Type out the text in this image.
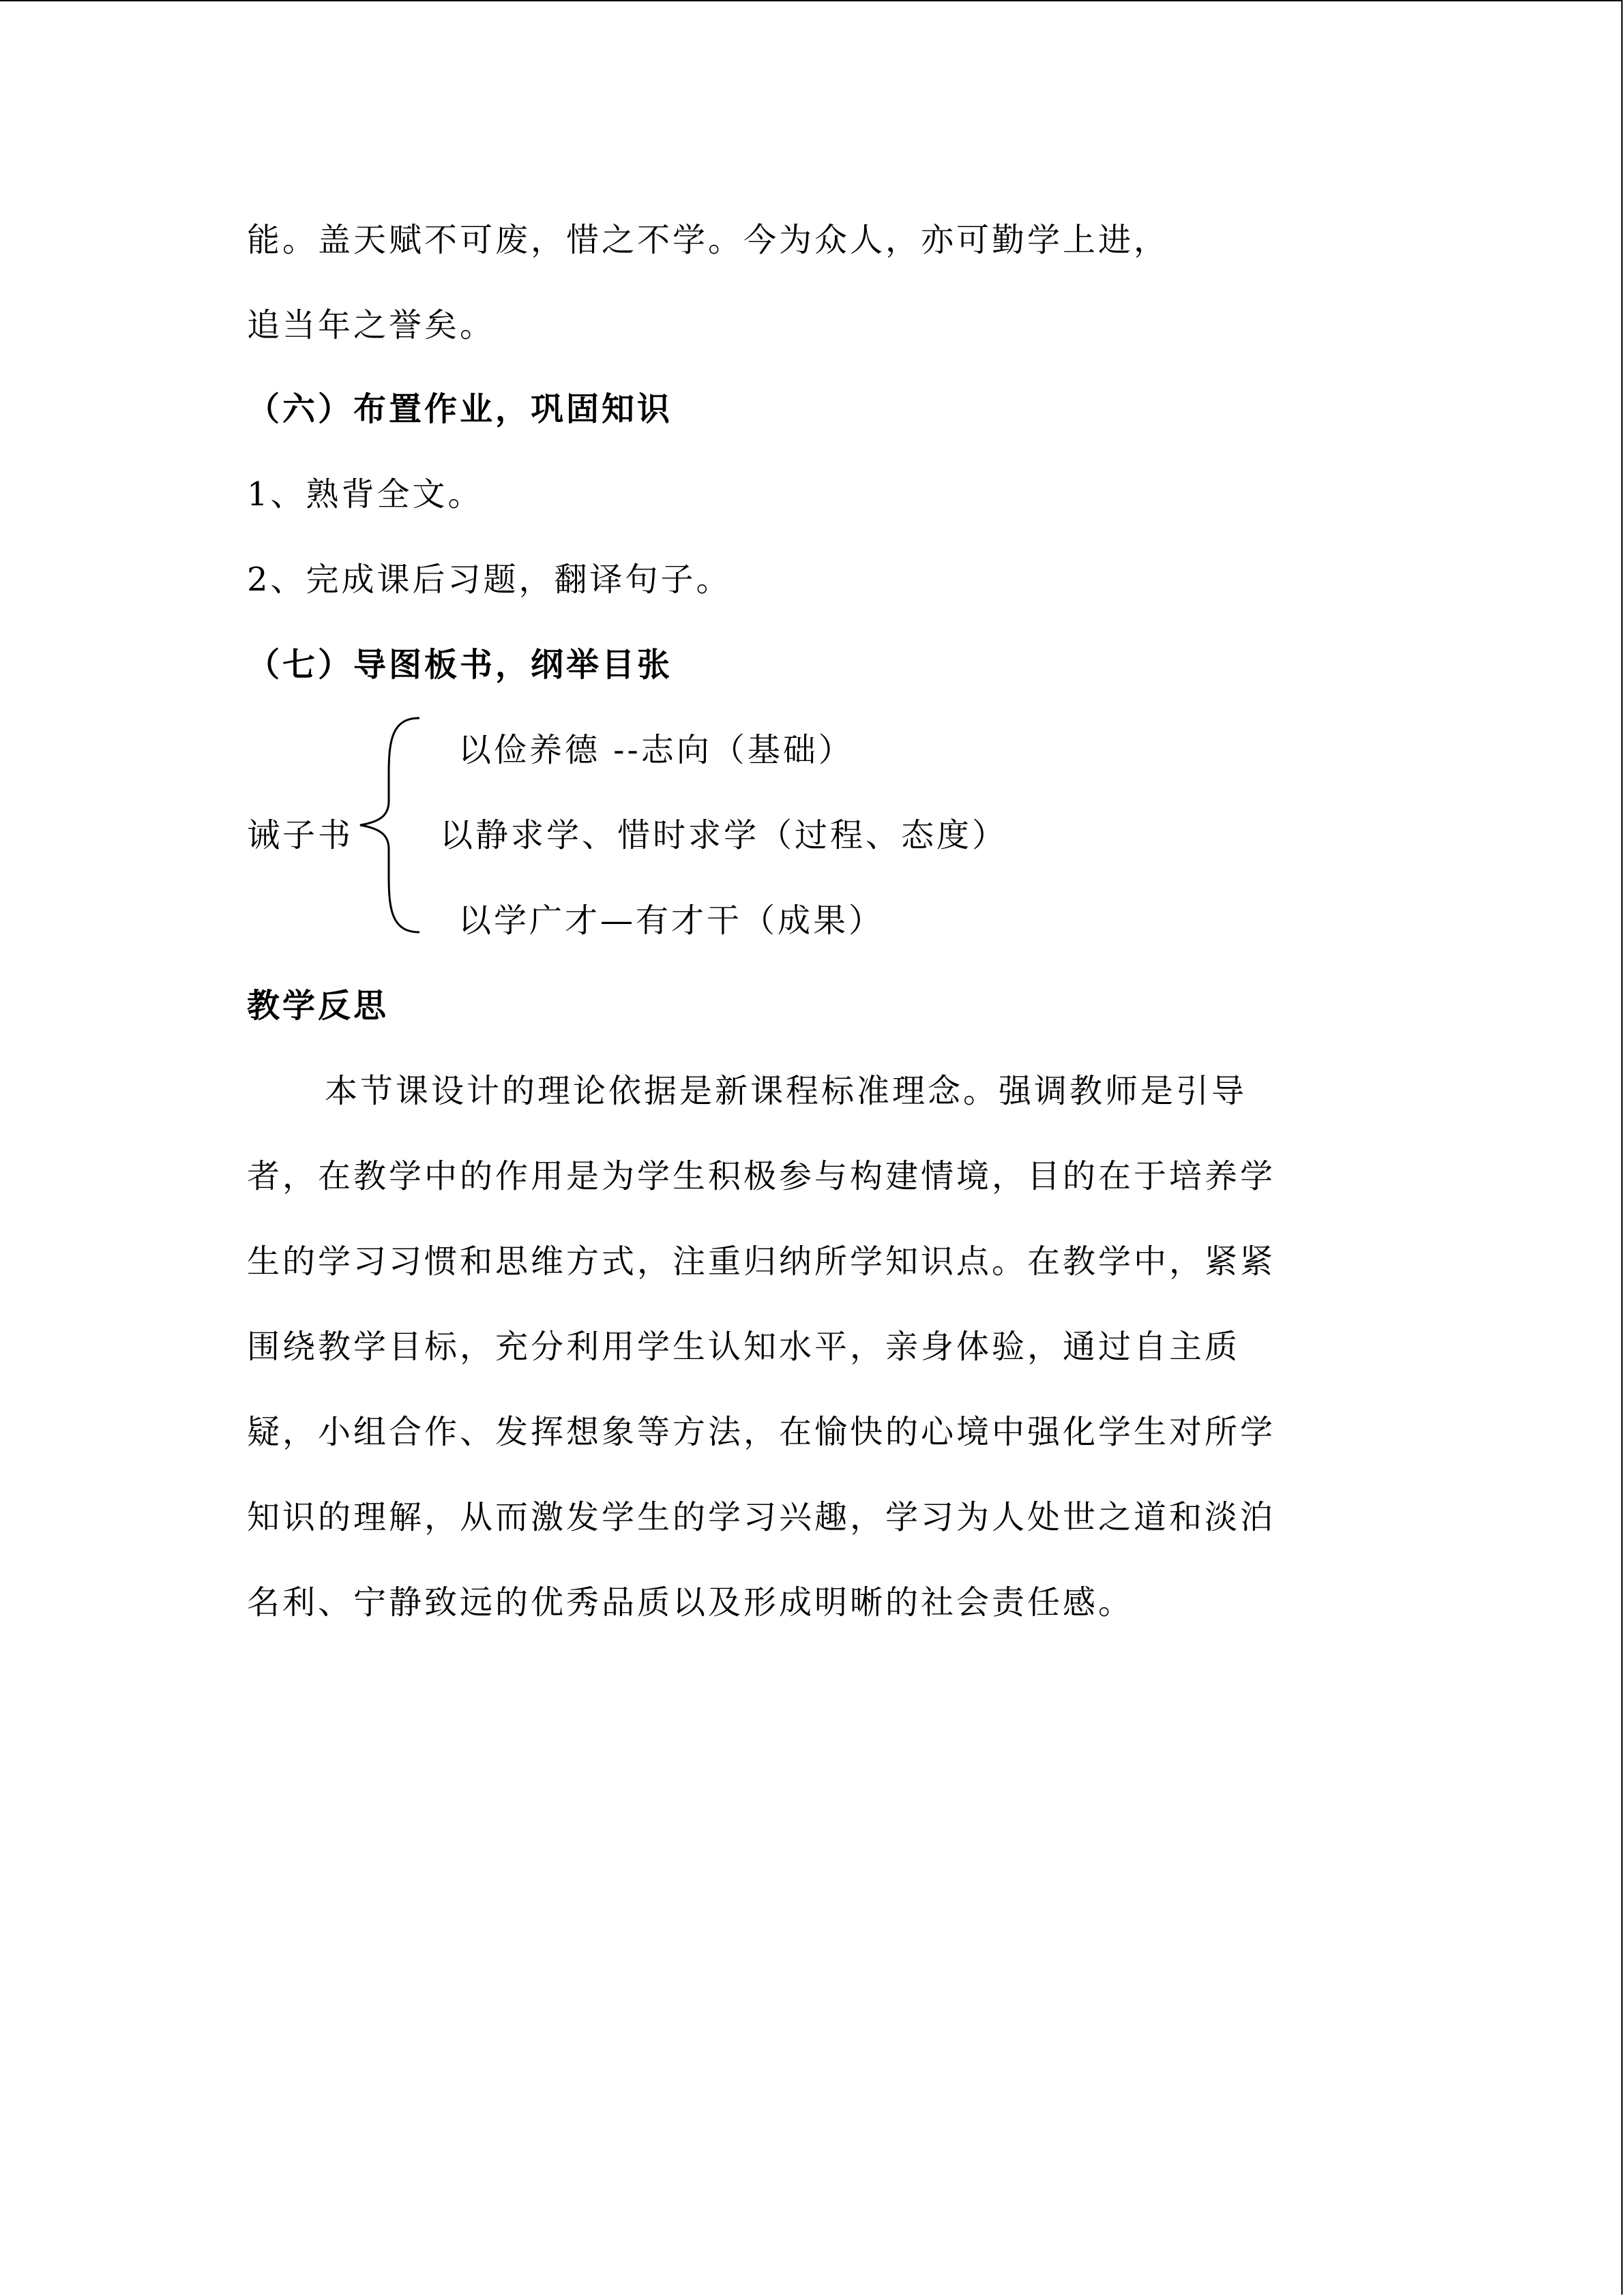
能。盖天赋不可废，惜之不学。今为众人，亦可勤学上进，
追当年之誉矣。
（六）布置作业，巩固知识
1、熟背全文。
2、完成课后习题，翻译句子。
（七）导图板书，纲举目张
诫子书
以俭养德 --志向（基础）
以静求学、惜时求学（过程、态度）
以学广才—有才干（成果）
教学反思
本节课设计的理论依据是新课程标准理念。强调教师是引导
者，在教学中的作用是为学生积极参与构建情境，目的在于培养学
生的学习习惯和思维方式，注重归纳所学知识点。在教学中，紧紧
围绕教学目标，充分利用学生认知水平，亲身体验，通过自主质
疑，小组合作、发挥想象等方法，在愉快的心境中强化学生对所学
知识的理解，从而激发学生的学习兴趣，学习为人处世之道和淡泊
名利、宁静致远的优秀品质以及形成明晰的社会责任感。
